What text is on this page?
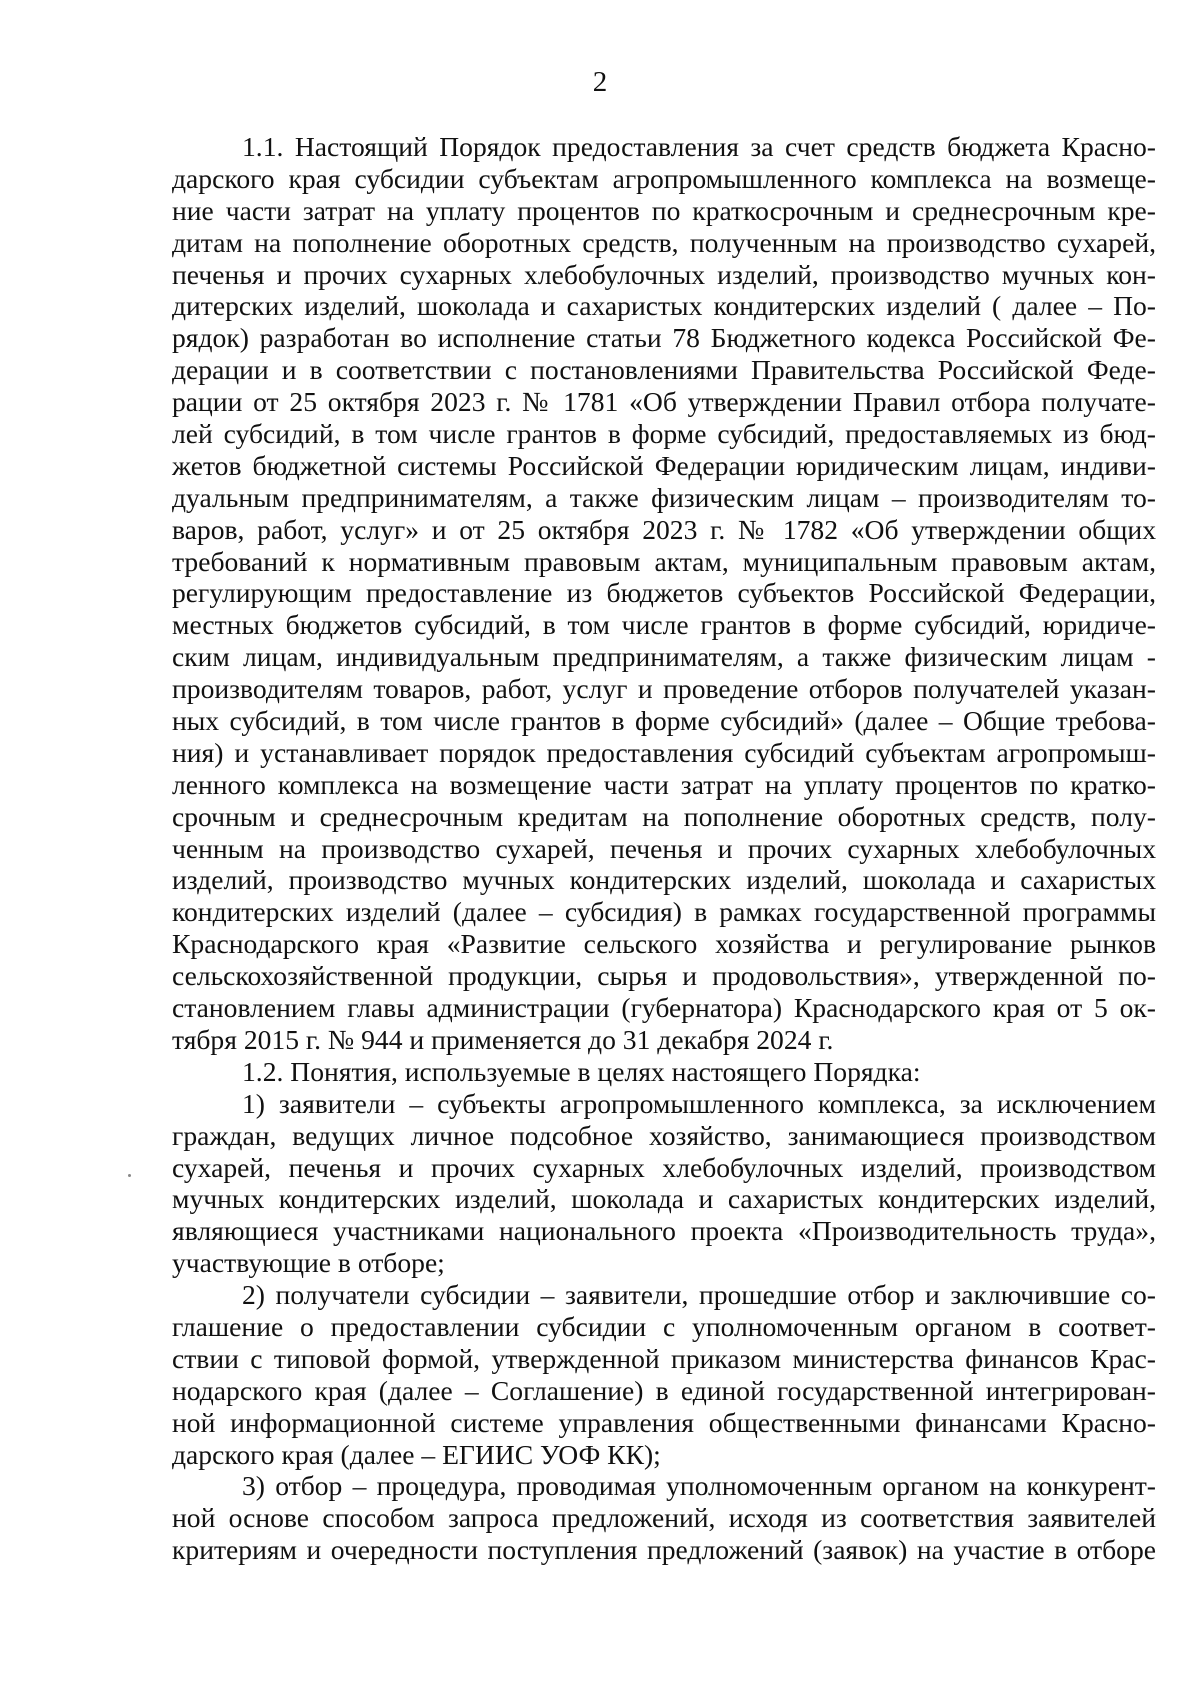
2
1.1. Настоящий Порядок предоставления за счет средств бюджета Красно-
дарского края субсидии субъектам агропромышленного комплекса на возмеще-
ние части затрат на уплату процентов по краткосрочным и среднесрочным кре-
дитам на пополнение оборотных средств, полученным на производство сухарей,
печенья и прочих сухарных хлебобулочных изделий, производство мучных кон-
дитерских изделий, шоколада и сахаристых кондитерских изделий ( далее – По-
рядок) разработан во исполнение статьи 78 Бюджетного кодекса Российской Фе-
дерации и в соответствии с постановлениями Правительства Российской Феде-
рации от 25 октября 2023 г. № 1781 «Об утверждении Правил отбора получате-
лей субсидий, в том числе грантов в форме субсидий, предоставляемых из бюд-
жетов бюджетной системы Российской Федерации юридическим лицам, индиви-
дуальным предпринимателям, а также физическим лицам – производителям то-
варов, работ, услуг» и от 25 октября 2023 г. № 1782 «Об утверждении общих
требований к нормативным правовым актам, муниципальным правовым актам,
регулирующим предоставление из бюджетов субъектов Российской Федерации,
местных бюджетов субсидий, в том числе грантов в форме субсидий, юридиче-
ским лицам, индивидуальным предпринимателям, а также физическим лицам -
производителям товаров, работ, услуг и проведение отборов получателей указан-
ных субсидий, в том числе грантов в форме субсидий» (далее – Общие требова-
ния) и устанавливает порядок предоставления субсидий субъектам агропромыш-
ленного комплекса на возмещение части затрат на уплату процентов по кратко-
срочным и среднесрочным кредитам на пополнение оборотных средств, полу-
ченным на производство сухарей, печенья и прочих сухарных хлебобулочных
изделий, производство мучных кондитерских изделий, шоколада и сахаристых
кондитерских изделий (далее – субсидия) в рамках государственной программы
Краснодарского края «Развитие сельского хозяйства и регулирование рынков
сельскохозяйственной продукции, сырья и продовольствия», утвержденной по-
становлением главы администрации (губернатора) Краснодарского края от 5 ок-
тября 2015 г. № 944 и применяется до 31 декабря 2024 г.
1.2. Понятия, используемые в целях настоящего Порядка:
1) заявители – субъекты агропромышленного комплекса, за исключением
граждан, ведущих личное подсобное хозяйство, занимающиеся производством
сухарей, печенья и прочих сухарных хлебобулочных изделий, производством
мучных кондитерских изделий, шоколада и сахаристых кондитерских изделий,
являющиеся участниками национального проекта «Производительность труда»,
участвующие в отборе;
2) получатели субсидии – заявители, прошедшие отбор и заключившие со-
глашение о предоставлении субсидии с уполномоченным органом в соответ-
ствии с типовой формой, утвержденной приказом министерства финансов Крас-
нодарского края (далее – Соглашение) в единой государственной интегрирован-
ной информационной системе управления общественными финансами Красно-
дарского края (далее – ЕГИИС УОФ КК);
3) отбор – процедура, проводимая уполномоченным органом на конкурент-
ной основе способом запроса предложений, исходя из соответствия заявителей
критериям и очередности поступления предложений (заявок) на участие в отборе
